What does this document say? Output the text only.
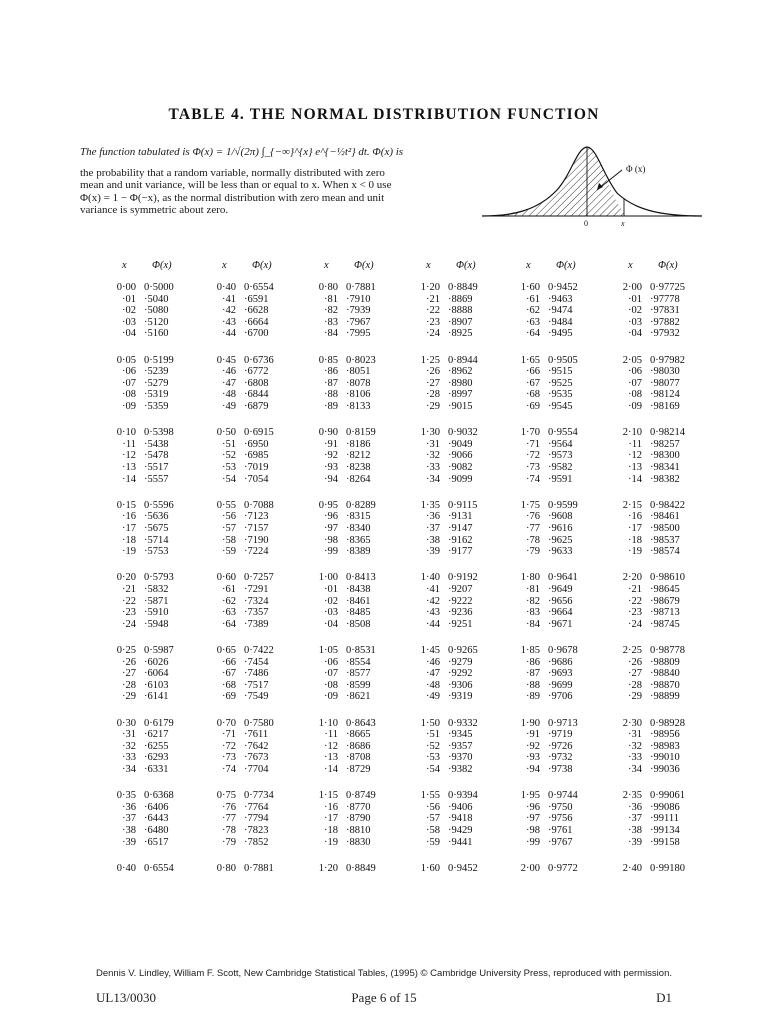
TABLE 4. THE NORMAL DISTRIBUTION FUNCTION

The function tabulated is Φ(x) = 1/√(2π) ∫_{−∞}^{x} e^{−½t²} dt. Φ(x) is

the probability that a random variable, normally distributed with zero mean and unit variance, will be less than or equal to x. When x < 0 use Φ(x) = 1 − Φ(−x), as the normal distribution with zero mean and unit variance is symmetric about zero.

Φ (x)
0	x
x Φ(x)
0·00 0·5000
·01 ·5040
·02 ·5080
·03 ·5120
·04 ·5160
0·05 0·5199
·06 ·5239
·07 ·5279
·08 ·5319
·09 ·5359
0·10 0·5398
·11 ·5438
·12 ·5478
·13 ·5517
·14 ·5557
0·15 0·5596
·16 ·5636
·17 ·5675
·18 ·5714
·19 ·5753
0·20 0·5793
·21 ·5832
·22 ·5871
·23 ·5910
·24 ·5948
0·25 0·5987
·26 ·6026
·27 ·6064
·28 ·6103
·29 ·6141
0·30 0·6179
·31 ·6217
·32 ·6255
·33 ·6293
·34 ·6331
0·35 0·6368
·36 ·6406
·37 ·6443
·38 ·6480
·39 ·6517
0·40 0·6554
x Φ(x)
0·40 0·6554
·41 ·6591
·42 ·6628
·43 ·6664
·44 ·6700
0·45 0·6736
·46 ·6772
·47 ·6808
·48 ·6844
·49 ·6879
0·50 0·6915
·51 ·6950
·52 ·6985
·53 ·7019
·54 ·7054
0·55 0·7088
·56 ·7123
·57 ·7157
·58 ·7190
·59 ·7224
0·60 0·7257
·61 ·7291
·62 ·7324
·63 ·7357
·64 ·7389
0·65 0·7422
·66 ·7454
·67 ·7486
·68 ·7517
·69 ·7549
0·70 0·7580
·71 ·7611
·72 ·7642
·73 ·7673
·74 ·7704
0·75 0·7734
·76 ·7764
·77 ·7794
·78 ·7823
·79 ·7852
0·80 0·7881
x Φ(x)
0·80 0·7881
·81 ·7910
·82 ·7939
·83 ·7967
·84 ·7995
0·85 0·8023
·86 ·8051
·87 ·8078
·88 ·8106
·89 ·8133
0·90 0·8159
·91 ·8186
·92 ·8212
·93 ·8238
·94 ·8264
0·95 0·8289
·96 ·8315
·97 ·8340
·98 ·8365
·99 ·8389
1·00 0·8413
·01 ·8438
·02 ·8461
·03 ·8485
·04 ·8508
1·05 0·8531
·06 ·8554
·07 ·8577
·08 ·8599
·09 ·8621
1·10 0·8643
·11 ·8665
·12 ·8686
·13 ·8708
·14 ·8729
1·15 0·8749
·16 ·8770
·17 ·8790
·18 ·8810
·19 ·8830
1·20 0·8849
x Φ(x)
1·20 0·8849
·21 ·8869
·22 ·8888
·23 ·8907
·24 ·8925
1·25 0·8944
·26 ·8962
·27 ·8980
·28 ·8997
·29 ·9015
1·30 0·9032
·31 ·9049
·32 ·9066
·33 ·9082
·34 ·9099
1·35 0·9115
·36 ·9131
·37 ·9147
·38 ·9162
·39 ·9177
1·40 0·9192
·41 ·9207
·42 ·9222
·43 ·9236
·44 ·9251
1·45 0·9265
·46 ·9279
·47 ·9292
·48 ·9306
·49 ·9319
1·50 0·9332
·51 ·9345
·52 ·9357
·53 ·9370
·54 ·9382
1·55 0·9394
·56 ·9406
·57 ·9418
·58 ·9429
·59 ·9441
1·60 0·9452
x Φ(x)
1·60 0·9452
·61 ·9463
·62 ·9474
·63 ·9484
·64 ·9495
1·65 0·9505
·66 ·9515
·67 ·9525
·68 ·9535
·69 ·9545
1·70 0·9554
·71 ·9564
·72 ·9573
·73 ·9582
·74 ·9591
1·75 0·9599
·76 ·9608
·77 ·9616
·78 ·9625
·79 ·9633
1·80 0·9641
·81 ·9649
·82 ·9656
·83 ·9664
·84 ·9671
1·85 0·9678
·86 ·9686
·87 ·9693
·88 ·9699
·89 ·9706
1·90 0·9713
·91 ·9719
·92 ·9726
·93 ·9732
·94 ·9738
1·95 0·9744
·96 ·9750
·97 ·9756
·98 ·9761
·99 ·9767
2·00 0·9772
x Φ(x)
2·00 0·97725
·01 ·97778
·02 ·97831
·03 ·97882
·04 ·97932
2·05 0·97982
·06 ·98030
·07 ·98077
·08 ·98124
·09 ·98169
2·10 0·98214
·11 ·98257
·12 ·98300
·13 ·98341
·14 ·98382
2·15 0·98422
·16 ·98461
·17 ·98500
·18 ·98537
·19 ·98574
2·20 0·98610
·21 ·98645
·22 ·98679
·23 ·98713
·24 ·98745
2·25 0·98778
·26 ·98809
·27 ·98840
·28 ·98870
·29 ·98899
2·30 0·98928
·31 ·98956
·32 ·98983
·33 ·99010
·34 ·99036
2·35 0·99061
·36 ·99086
·37 ·99111
·38 ·99134
·39 ·99158
2·40 0·99180
Dennis V. Lindley, William F. Scott, New Cambridge Statistical Tables, (1995) © Cambridge University Press, reproduced with permission.
UL13/0030	Page 6 of 15	D1
